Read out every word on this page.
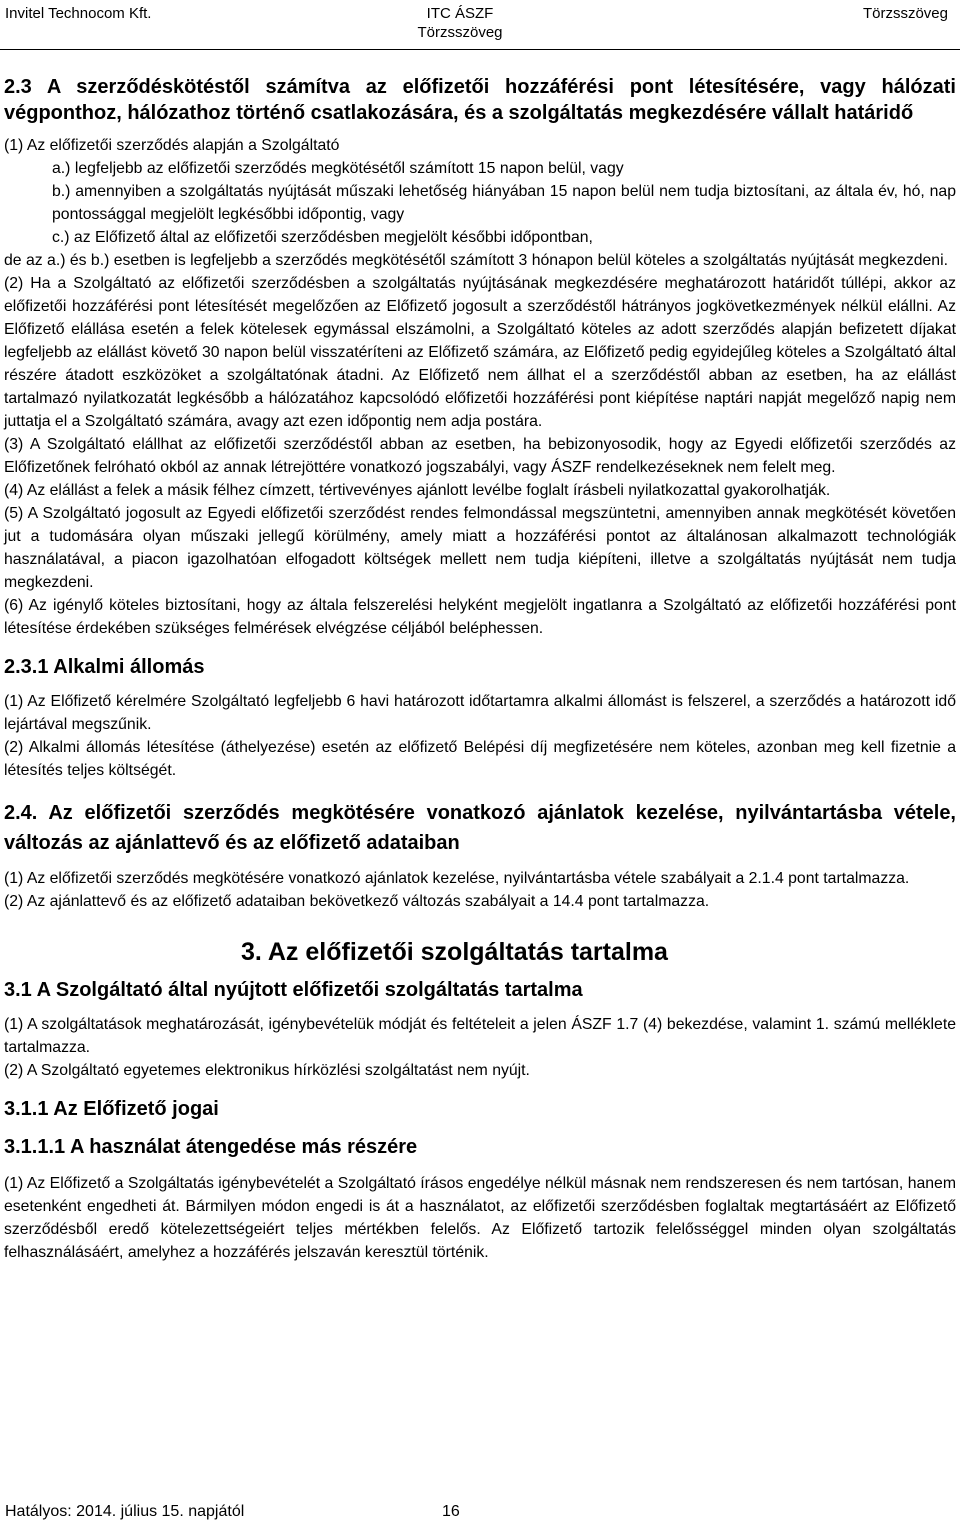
Invitel Technocom Kft.	ITC ÁSZF
Törzsszöveg
Törzsszöveg
2.3 A szerződéskötéstől számítva az előfizetői hozzáférési pont létesítésére, vagy hálózati végponthoz, hálózathoz történő csatlakozására, és a szolgáltatás megkezdésére vállalt határidő

(1) Az előfizetői szerződés alapján a Szolgáltató

a.) legfeljebb az előfizetői szerződés megkötésétől számított 15 napon belül, vagy

b.) amennyiben a szolgáltatás nyújtását műszaki lehetőség hiányában 15 napon belül nem tudja biztosítani, az általa év, hó, nap pontossággal megjelölt legkésőbbi időpontig, vagy

c.) az Előfizető által az előfizetői szerződésben megjelölt későbbi időpontban,

de az a.) és b.) esetben is legfeljebb a szerződés megkötésétől számított 3 hónapon belül köteles a szolgáltatás nyújtását megkezdeni.

(2) Ha a Szolgáltató az előfizetői szerződésben a szolgáltatás nyújtásának megkezdésére meghatározott határidőt túllépi, akkor az előfizetői hozzáférési pont létesítését megelőzően az Előfizető jogosult a szerződéstől hátrányos jogkövetkezmények nélkül elállni. Az Előfizető elállása esetén a felek kötelesek egymással elszámolni, a Szolgáltató köteles az adott szerződés alapján befizetett díjakat legfeljebb az elállást követő 30 napon belül visszatéríteni az Előfizető számára, az Előfizető pedig egyidejűleg köteles a Szolgáltató által részére átadott eszközöket a szolgáltatónak átadni. Az Előfizető nem állhat el a szerződéstől abban az esetben, ha az elállást tartalmazó nyilatkozatát legkésőbb a hálózatához kapcsolódó előfizetői hozzáférési pont kiépítése naptári napját megelőző napig nem juttatja el a Szolgáltató számára, avagy azt ezen időpontig nem adja postára.

(3) A Szolgáltató elállhat az előfizetői szerződéstől abban az esetben, ha bebizonyosodik, hogy az Egyedi előfizetői szerződés az Előfizetőnek felróható okból az annak létrejöttére vonatkozó jogszabályi, vagy ÁSZF rendelkezéseknek nem felelt meg.

(4) Az elállást a felek a másik félhez címzett, tértivevényes ajánlott levélbe foglalt írásbeli nyilatkozattal gyakorolhatják.

(5) A Szolgáltató jogosult az Egyedi előfizetői szerződést rendes felmondással megszüntetni, amennyiben annak megkötését követően jut a tudomására olyan műszaki jellegű körülmény, amely miatt a hozzáférési pontot az általánosan alkalmazott technológiák használatával, a piacon igazolhatóan elfogadott költségek mellett nem tudja kiépíteni, illetve a szolgáltatás nyújtását nem tudja megkezdeni.

(6) Az igénylő köteles biztosítani, hogy az általa felszerelési helyként megjelölt ingatlanra a Szolgáltató az előfizetői hozzáférési pont létesítése érdekében szükséges felmérések elvégzése céljából beléphessen.

2.3.1 Alkalmi állomás

(1) Az Előfizető kérelmére Szolgáltató legfeljebb 6 havi határozott időtartamra alkalmi állomást is felszerel, a szerződés a határozott idő lejártával megszűnik.

(2) Alkalmi állomás létesítése (áthelyezése) esetén az előfizető Belépési díj megfizetésére nem köteles, azonban meg kell fizetnie a létesítés teljes költségét.

2.4. Az előfizetői szerződés megkötésére vonatkozó ajánlatok kezelése, nyilvántartásba vétele, változás az ajánlattevő és az előfizető adataiban

(1) Az előfizetői szerződés megkötésére vonatkozó ajánlatok kezelése, nyilvántartásba vétele szabályait a 2.1.4 pont tartalmazza.

(2) Az ajánlattevő és az előfizető adataiban bekövetkező változás szabályait a 14.4 pont tartalmazza.

3. Az előfizetői szolgáltatás tartalma
3.1 A Szolgáltató által nyújtott előfizetői szolgáltatás tartalma

(1) A szolgáltatások meghatározását, igénybevételük módját és feltételeit a jelen ÁSZF 1.7 (4) bekezdése, valamint 1. számú melléklete tartalmazza.

(2) A Szolgáltató egyetemes elektronikus hírközlési szolgáltatást nem nyújt.

3.1.1 Az Előfizető jogai
3.1.1.1 A használat átengedése más részére

(1) Az Előfizető a Szolgáltatás igénybevételét a Szolgáltató írásos engedélye nélkül másnak nem rendszeresen és nem tartósan, hanem esetenként engedheti át. Bármilyen módon engedi is át a használatot, az előfizetői szerződésben foglaltak megtartásáért az Előfizető szerződésből eredő kötelezettségeiért teljes mértékben felelős. Az Előfizető tartozik felelősséggel minden olyan szolgáltatás felhasználásáért, amelyhez a hozzáférés jelszaván keresztül történik.

Hatályos: 2014. július 15. napjától	16
